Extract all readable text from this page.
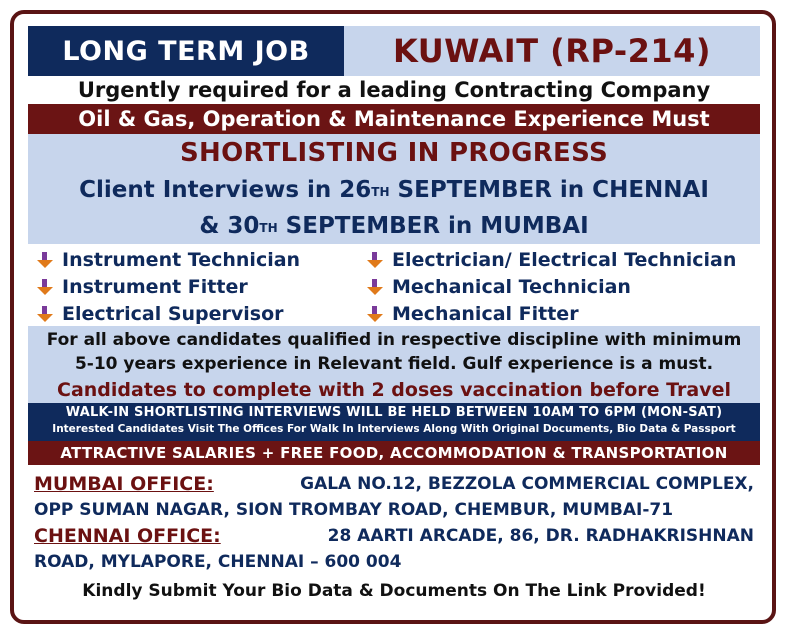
LONG TERM JOB	KUWAIT (RP-214)
Urgently required for a leading Contracting Company
Oil & Gas, Operation & Maintenance Experience Must
SHORTLISTING IN PROGRESS
Client Interviews in 26 TH SEPTEMBER in CHENNAI
& 30 TH SEPTEMBER in MUMBAI
Instrument Technician
Instrument Fitter
Electrical Supervisor
Electrician/ Electrical Technician
Mechanical Technician
Mechanical Fitter
For all above candidates qualified in respective discipline with minimum
5-10 years experience in Relevant field. Gulf experience is a must.
Candidates to complete with 2 doses vaccination before Travel
WALK-IN SHORTLISTING INTERVIEWS WILL BE HELD BETWEEN 10AM TO 6PM (MON-SAT)
Interested Candidates Visit The Offices For Walk In Interviews Along With Original Documents, Bio Data & Passport
ATTRACTIVE SALARIES + FREE FOOD, ACCOMMODATION & TRANSPORTATION
MUMBAI OFFICE:	GALA NO.12, BEZZOLA COMMERCIAL COMPLEX,
OPP SUMAN NAGAR, SION TROMBAY ROAD, CHEMBUR, MUMBAI-71
CHENNAI OFFICE:	28 AARTI ARCADE, 86, DR. RADHAKRISHNAN
ROAD, MYLAPORE, CHENNAI – 600 004
Kindly Submit Your Bio Data & Documents On The Link Provided!
